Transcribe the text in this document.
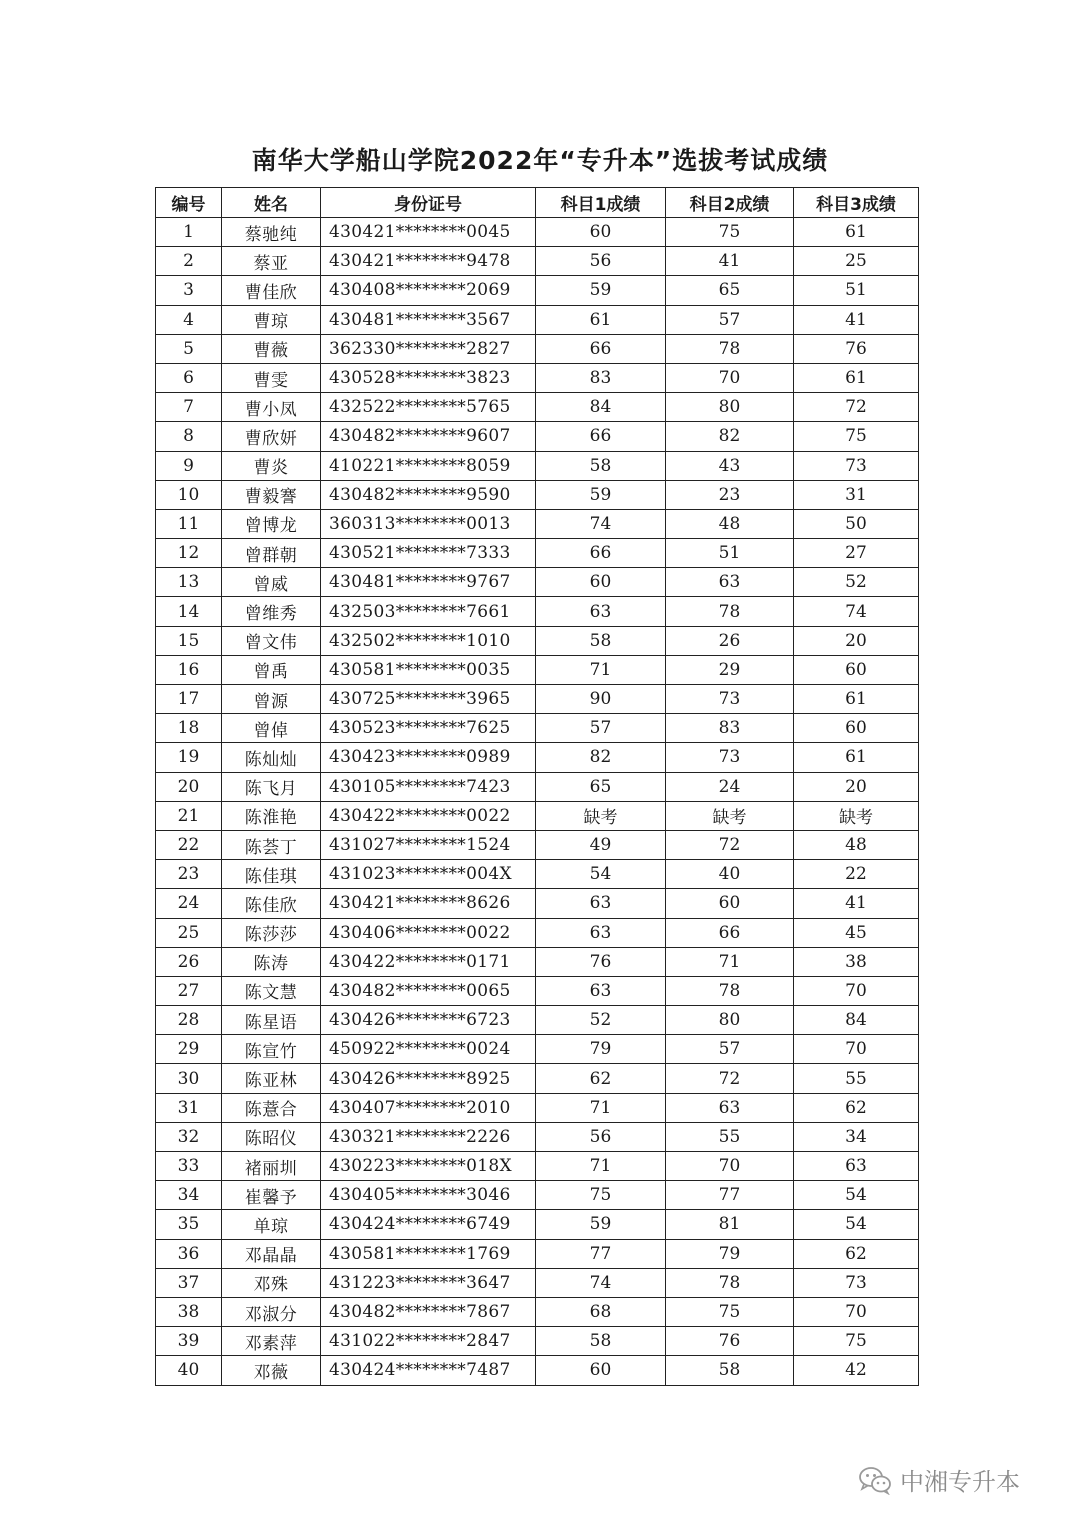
南华大学船山学院2022年“专升本”选拔考试成绩
编号	姓名	身份证号	科目1成绩	科目2成绩	科目3成绩
1	蔡驰纯	430421********0045	60	75	61
2	蔡亚	430421********9478	56	41	25
3	曹佳欣	430408********2069	59	65	51
4	曹琼	430481********3567	61	57	41
5	曹薇	362330********2827	66	78	76
6	曹雯	430528********3823	83	70	61
7	曹小凤	432522********5765	84	80	72
8	曹欣妍	430482********9607	66	82	75
9	曹炎	410221********8059	58	43	73
10	曹毅謇	430482********9590	59	23	31
11	曾博龙	360313********0013	74	48	50
12	曾群朝	430521********7333	66	51	27
13	曾威	430481********9767	60	63	52
14	曾维秀	432503********7661	63	78	74
15	曾文伟	432502********1010	58	26	20
16	曾禹	430581********0035	71	29	60
17	曾源	430725********3965	90	73	61
18	曾倬	430523********7625	57	83	60
19	陈灿灿	430423********0989	82	73	61
20	陈飞月	430105********7423	65	24	20
21	陈淮艳	430422********0022	缺考	缺考	缺考
22	陈荟丁	431027********1524	49	72	48
23	陈佳琪	431023********004X	54	40	22
24	陈佳欣	430421********8626	63	60	41
25	陈莎莎	430406********0022	63	66	45
26	陈涛	430422********0171	76	71	38
27	陈文慧	430482********0065	63	78	70
28	陈星语	430426********6723	52	80	84
29	陈宣竹	450922********0024	79	57	70
30	陈亚林	430426********8925	62	72	55
31	陈薏合	430407********2010	71	63	62
32	陈昭仪	430321********2226	56	55	34
33	褚丽圳	430223********018X	71	70	63
34	崔馨予	430405********3046	75	77	54
35	单琼	430424********6749	59	81	54
36	邓晶晶	430581********1769	77	79	62
37	邓殊	431223********3647	74	78	73
38	邓淑分	430482********7867	68	75	70
39	邓素萍	431022********2847	58	76	75
40	邓薇	430424********7487	60	58	42
中湘专升本
